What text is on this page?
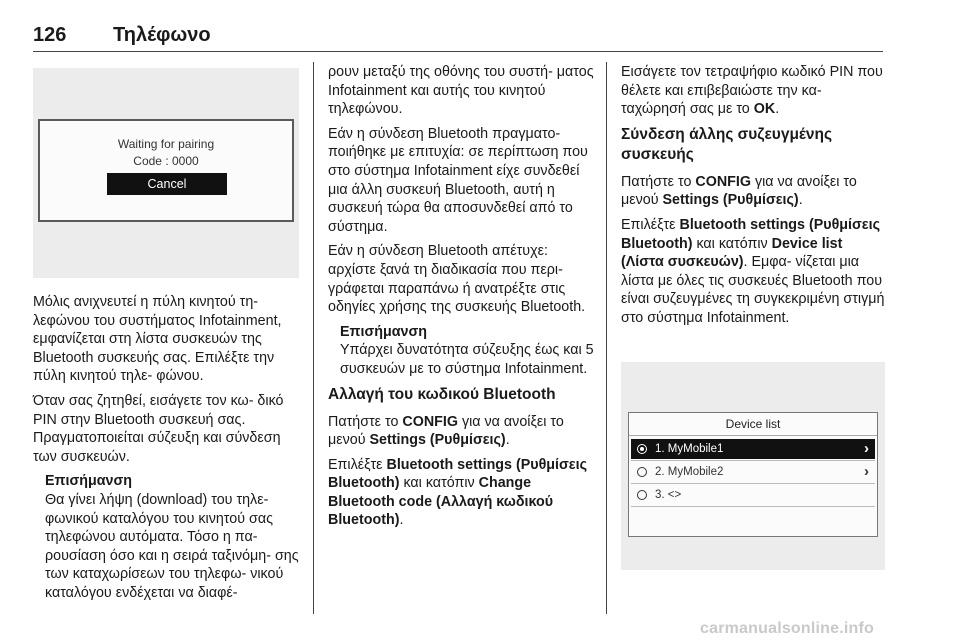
126 Τηλέφωνο
Waiting for pairing
Code : 0000
Cancel

Μόλις ανιχνευτεί η πύλη κινητού τη- λεφώνου του συστήματος Infotainment, εμφανίζεται στη λίστα συσκευών της Bluetooth συσκευής σας. Επιλέξτε την πύλη κινητού τηλε- φώνου.

Όταν σας ζητηθεί, εισάγετε τον κω- δικό PIN στην Bluetooth συσκευή σας. Πραγματοποιείται σύζευξη και σύνδεση των συσκευών.

Επισήμανση
Θα γίνει λήψη (download) του τηλε- φωνικού καταλόγου του κινητού σας τηλεφώνου αυτόματα. Τόσο η πα- ρουσίαση όσο και η σειρά ταξινόμη- σης των καταχωρίσεων του τηλεφω- νικού καταλόγου ενδέχεται να διαφέ-

ρουν μεταξύ της οθόνης του συστή- ματος Infotainment και αυτής του κινητού τηλεφώνου.

Εάν η σύνδεση Bluetooth πραγματο- ποιήθηκε με επιτυχία: σε περίπτωση που στο σύστημα Infotainment είχε συνδεθεί μια άλλη συσκευή Bluetooth, αυτή η συσκευή τώρα θα αποσυνδεθεί από το σύστημα.

Εάν η σύνδεση Bluetooth απέτυχε: αρχίστε ξανά τη διαδικασία που περι- γράφεται παραπάνω ή ανατρέξτε στις οδηγίες χρήσης της συσκευής Bluetooth.

Επισήμανση
Υπάρχει δυνατότητα σύζευξης έως και 5 συσκευών με το σύστημα Infotainment.
Αλλαγή του κωδικού Bluetooth

Πατήστε το CONFIG για να ανοίξει το μενού Settings (Ρυθμίσεις).

Επιλέξτε Bluetooth settings (Ρυθμίσεις Bluetooth) και κατόπιν Change Bluetooth code (Αλλαγή κωδικού Bluetooth).

Εισάγετε τον τετραψήφιο κωδικό PIN που θέλετε και επιβεβαιώστε την κα- ταχώρησή σας με το OK.

Σύνδεση άλλης συζευγμένης συσκευής

Πατήστε το CONFIG για να ανοίξει το μενού Settings (Ρυθμίσεις).

Επιλέξτε Bluetooth settings (Ρυθμίσεις Bluetooth) και κατόπιν Device list (Λίστα συσκευών). Εμφα- νίζεται μια λίστα με όλες τις συσκευές Bluetooth που είναι συζευγμένες τη συγκεκριμένη στιγμή στο σύστημα Infotainment.

Device list
1. MyMobile1	›
2. MyMobile2	›
3. <>
carmanualsonline.info
